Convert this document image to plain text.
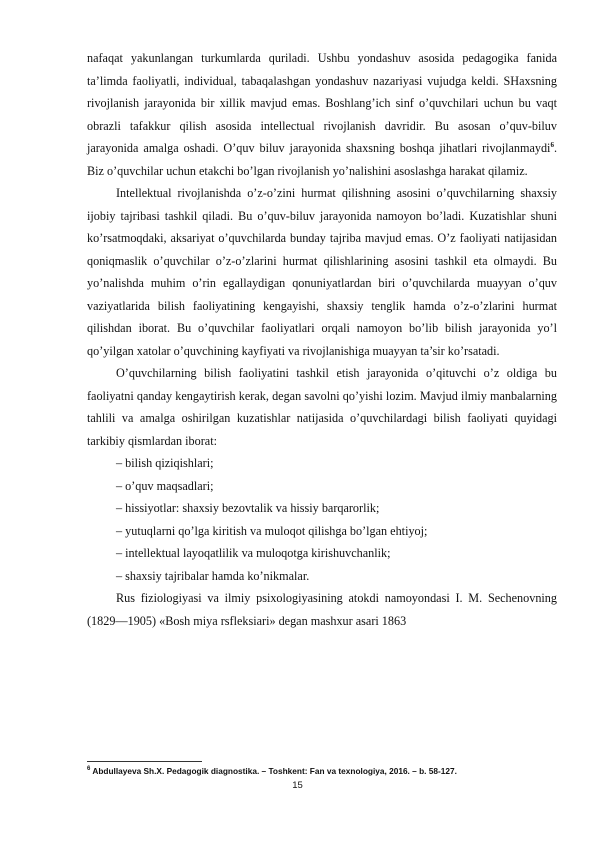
nafaqat yakunlangan turkumlarda quriladi. Ushbu yondashuv asosida pedagogika fanida ta’limda faoliyatli, individual, tabaqalashgan yondashuv nazariyasi vujudga keldi. SHaxsning rivojlanish jarayonida bir xillik mavjud emas. Boshlang’ich sinf o’quvchilari uchun bu vaqt obrazli tafakkur qilish asosida intellectual rivojlanish davridir. Bu asosan o’quv-biluv jarayonida amalga oshadi. O’quv biluv jarayonida shaxsning boshqa jihatlari rivojlanmaydi$^6$. Biz o’quvchilar uchun etakchi bo’lgan rivojlanish yo’nalishini asoslashga harakat qilamiz.

Intellektual rivojlanishda o’z-o’zini hurmat qilishning asosini o’quvchilarning shaxsiy ijobiy tajribasi tashkil qiladi. Bu o’quv-biluv jarayonida namoyon bo’ladi. Kuzatishlar shuni ko’rsatmoqdaki, aksariyat o’quvchilarda bunday tajriba mavjud emas. O’z faoliyati natijasidan qoniqmaslik o’quvchilar o’z-o’zlarini hurmat qilishlarining asosini tashkil eta olmaydi. Bu yo’nalishda muhim o’rin egallaydigan qonuniyatlardan biri o’quvchilarda muayyan o’quv vaziyatlarida bilish faoliyatining kengayishi, shaxsiy tenglik hamda o’z-o’zlarini hurmat qilishdan iborat. Bu o’quvchilar faoliyatlari orqali namoyon bo’lib bilish jarayonida yo’l qo’yilgan xatolar o’quvchining kayfiyati va rivojlanishiga muayyan ta’sir ko’rsatadi.

O’quvchilarning bilish faoliyatini tashkil etish jarayonida o’qituvchi o’z oldiga bu faoliyatni qanday kengaytirish kerak, degan savolni qo’yishi lozim. Mavjud ilmiy manbalarning tahlili va amalga oshirilgan kuzatishlar natijasida o’quvchilardagi bilish faoliyati quyidagi tarkibiy qismlardan iborat:

– bilish qiziqishlari;

– o’quv maqsadlari;

– hissiyotlar: shaxsiy bezovtalik va hissiy barqarorlik;

– yutuqlarni qo’lga kiritish va muloqot qilishga bo’lgan ehtiyoj;

– intellektual layoqatlilik va muloqotga kirishuvchanlik;

– shaxsiy tajribalar hamda ko’nikmalar.

Rus fiziologiyasi va ilmiy psixologiyasining atokdi namoyondasi I. M. Sechenovning (1829—1905) «Bosh miya rsfleksiari» degan mashxur asari 1863

$^6$ Abdullayeva Sh.X. Pedagogik diagnostika. – Toshkent: Fan va texnologiya, 2016. – b. 58-127.
15
